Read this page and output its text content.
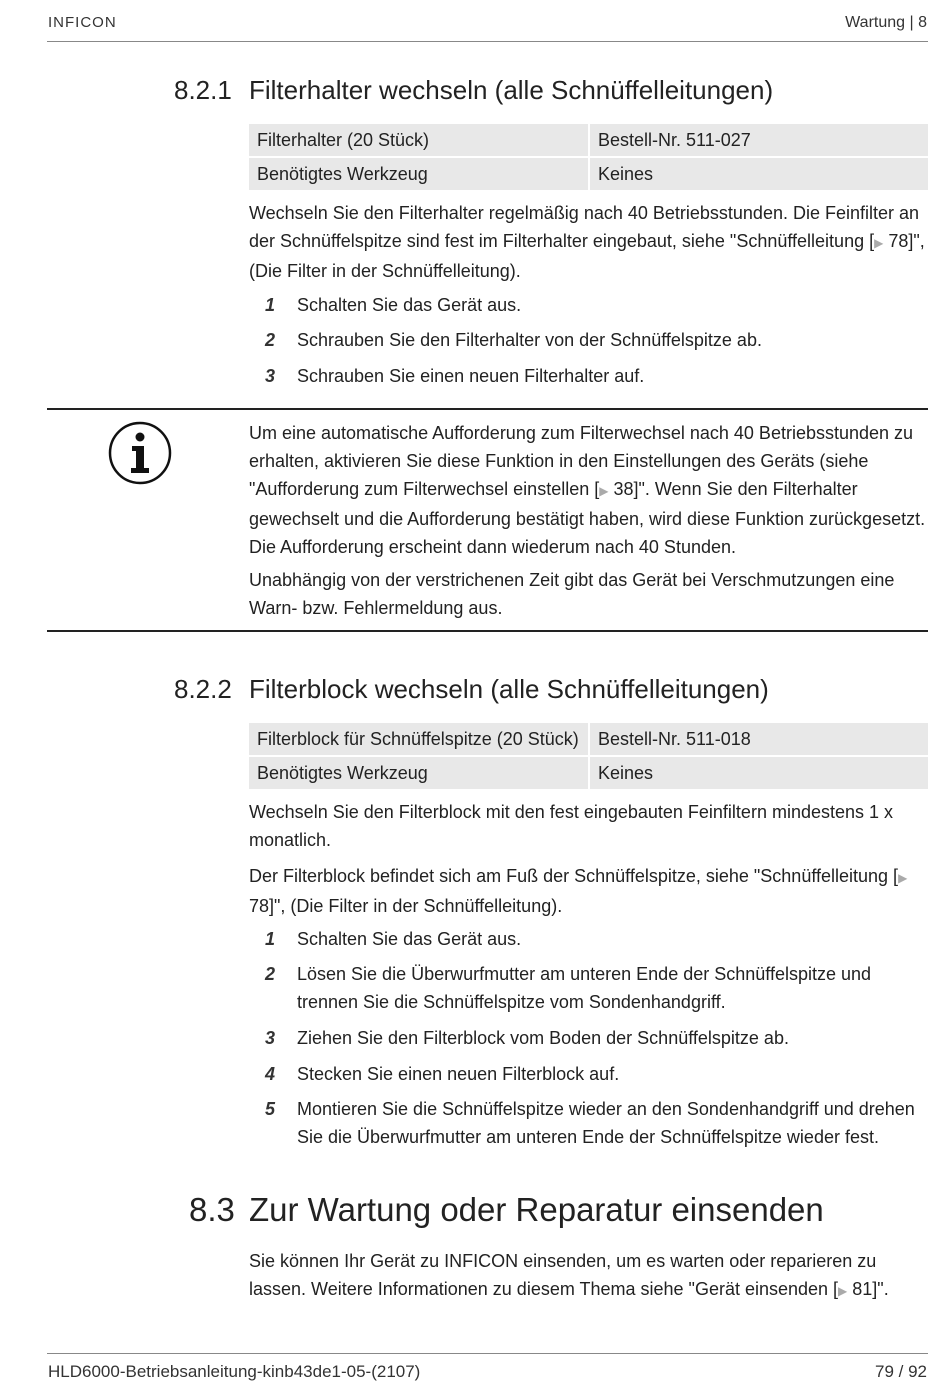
INFICON	Wartung | 8
8.2.1 Filterhalter wechseln (alle Schnüffelleitungen)
Filterhalter (20 Stück)	Bestell-Nr. 511-027
Benötigtes Werkzeug	Keines
Wechseln Sie den Filterhalter regelmäßig nach 40 Betriebsstunden. Die Feinfilter an der Schnüffelspitze sind fest im Filterhalter eingebaut, siehe "Schnüffelleitung [▶ 78]", (Die Filter in der Schnüffelleitung).
1	Schalten Sie das Gerät aus.
2	Schrauben Sie den Filterhalter von der Schnüffelspitze ab.
3	Schrauben Sie einen neuen Filterhalter auf.
Um eine automatische Aufforderung zum Filterwechsel nach 40 Betriebsstunden zu erhalten, aktivieren Sie diese Funktion in den Einstellungen des Geräts (siehe "Aufforderung zum Filterwechsel einstellen [▶ 38]". Wenn Sie den Filterhalter gewechselt und die Aufforderung bestätigt haben, wird diese Funktion zurückgesetzt. Die Aufforderung erscheint dann wiederum nach 40 Stunden.
Unabhängig von der verstrichenen Zeit gibt das Gerät bei Verschmutzungen eine Warn- bzw. Fehlermeldung aus.
8.2.2 Filterblock wechseln (alle Schnüffelleitungen)
Filterblock für Schnüffelspitze (20 Stück)	Bestell-Nr. 511-018
Benötigtes Werkzeug	Keines
Wechseln Sie den Filterblock mit den fest eingebauten Feinfiltern mindestens 1 x monatlich.
Der Filterblock befindet sich am Fuß der Schnüffelspitze, siehe "Schnüffelleitung [▶ 78]", (Die Filter in der Schnüffelleitung).
1	Schalten Sie das Gerät aus.
2	Lösen Sie die Überwurfmutter am unteren Ende der Schnüffelspitze und trennen Sie die Schnüffelspitze vom Sondenhandgriff.
3	Ziehen Sie den Filterblock vom Boden der Schnüffelspitze ab.
4	Stecken Sie einen neuen Filterblock auf.
5	Montieren Sie die Schnüffelspitze wieder an den Sondenhandgriff und drehen Sie die Überwurfmutter am unteren Ende der Schnüffelspitze wieder fest.
8.3 Zur Wartung oder Reparatur einsenden
Sie können Ihr Gerät zu INFICON einsenden, um es warten oder reparieren zu lassen. Weitere Informationen zu diesem Thema siehe "Gerät einsenden [▶ 81]".
HLD6000-Betriebsanleitung-kinb43de1-05-(2107)	79 / 92
